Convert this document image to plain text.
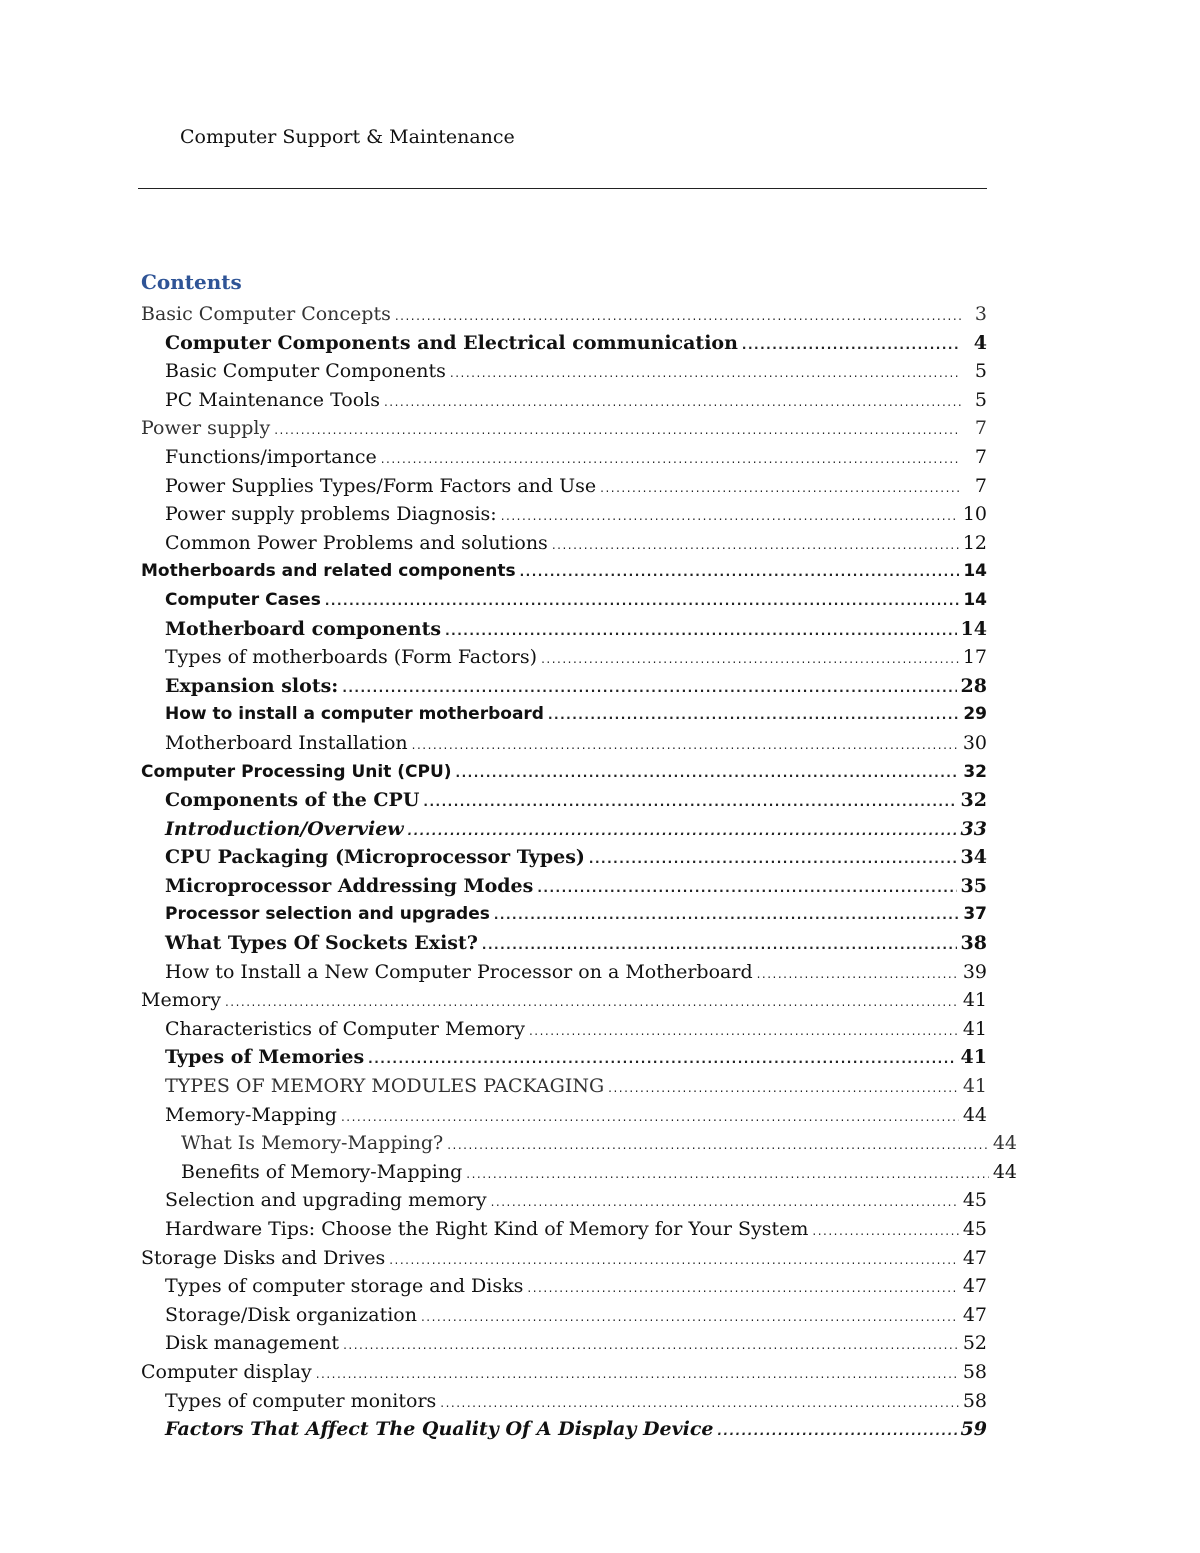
Computer Support & Maintenance
Contents
Basic Computer Concepts .....	3
Computer Components and Electrical communication .....	4
Basic Computer Components .....	5
PC Maintenance Tools .....	5
Power supply .....	7
Functions/importance .....	7
Power Supplies Types/Form Factors and Use .....	7
Power supply problems Diagnosis: .....	10
Common Power Problems and solutions .....	12
Motherboards and related components .....	14
Computer Cases .....	14
Motherboard components .....	14
Types of motherboards (Form Factors) .....	17
Expansion slots: .....	28
How to install a computer motherboard .....	29
Motherboard Installation .....	30
Computer Processing Unit (CPU) .....	32
Components of the CPU .....	32
Introduction/Overview .....	33
CPU Packaging (Microprocessor Types) .....	34
Microprocessor Addressing Modes .....	35
Processor selection and upgrades .....	37
What Types Of Sockets Exist? .....	38
How to Install a New Computer Processor on a Motherboard .....	39
Memory .....	41
Characteristics of Computer Memory .....	41
Types of Memories .....	41
TYPES OF MEMORY MODULES PACKAGING .....	41
Memory-Mapping .....	44
What Is Memory-Mapping? .....	44
Benefits of Memory-Mapping .....	44
Selection and upgrading memory .....	45
Hardware Tips: Choose the Right Kind of Memory for Your System .....	45
Storage Disks and Drives .....	47
Types of computer storage and Disks .....	47
Storage/Disk organization .....	47
Disk management .....	52
Computer display .....	58
Types of computer monitors .....	58
Factors That Affect The Quality Of A Display Device .....	59
